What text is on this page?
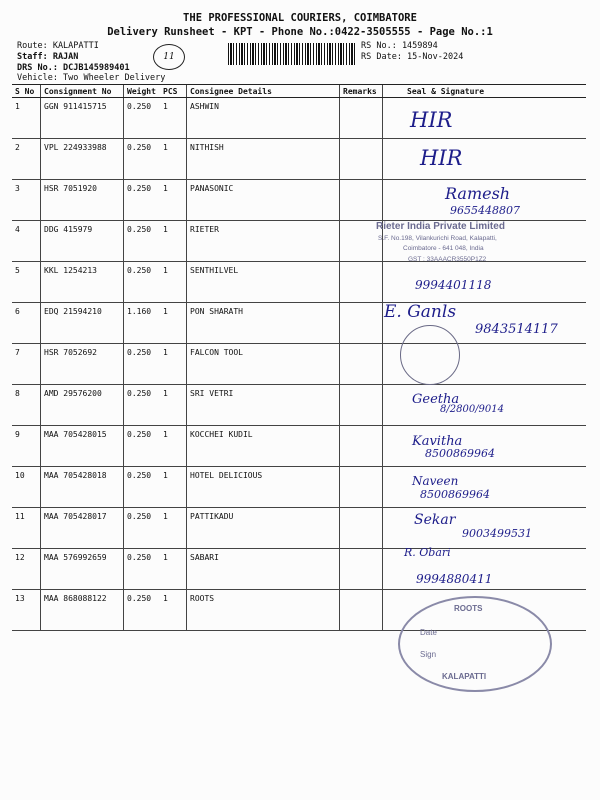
THE PROFESSIONAL COURIERS, COIMBATORE
Delivery Runsheet - KPT - Phone No.:0422-3505555 - Page No.:1
Route: KALAPATTI
Staff: RAJAN
DRS No.: DCJB145989401
Vehicle: Two Wheeler Delivery
11
RS No.: 1459894
RS Date: 15-Nov-2024
S No	Consignment No	Weight	PCS	Consignee Details	Remarks	Seal & Signature
1	GGN 911415715	0.250	1	ASHWIN		
2	VPL 224933988	0.250	1	NITHISH		
3	HSR 7051920	0.250	1	PANASONIC		
4	DDG 415979	0.250	1	RIETER		
5	KKL 1254213	0.250	1	SENTHILVEL		
6	EDQ 21594210	1.160	1	PON SHARATH		
7	HSR 7052692	0.250	1	FALCON TOOL		
8	AMD 29576200	0.250	1	SRI VETRI		
9	MAA 705428015	0.250	1	KOCCHEI KUDIL		
10	MAA 705428018	0.250	1	HOTEL DELICIOUS		
11	MAA 705428017	0.250	1	PATTIKADU		
12	MAA 576992659	0.250	1	SABARI		
13	MAA 868088122	0.250	1	ROOTS		
HIR
HIR
Ramesh
9655448807
9994401118
E. Ganls
9843514117
Geetha
8/2800/9014
Kavitha
8500869964
Naveen
8500869964
Sekar
9003499531
R. Obari
9994880411
Rieter India Private Limited
S.F. No.198, Vilankurichi Road, Kalapatti,
Coimbatore - 641 048, India
GST : 33AAACR3550P1Z2
ROOTS
Date
Sign
KALAPATTI
